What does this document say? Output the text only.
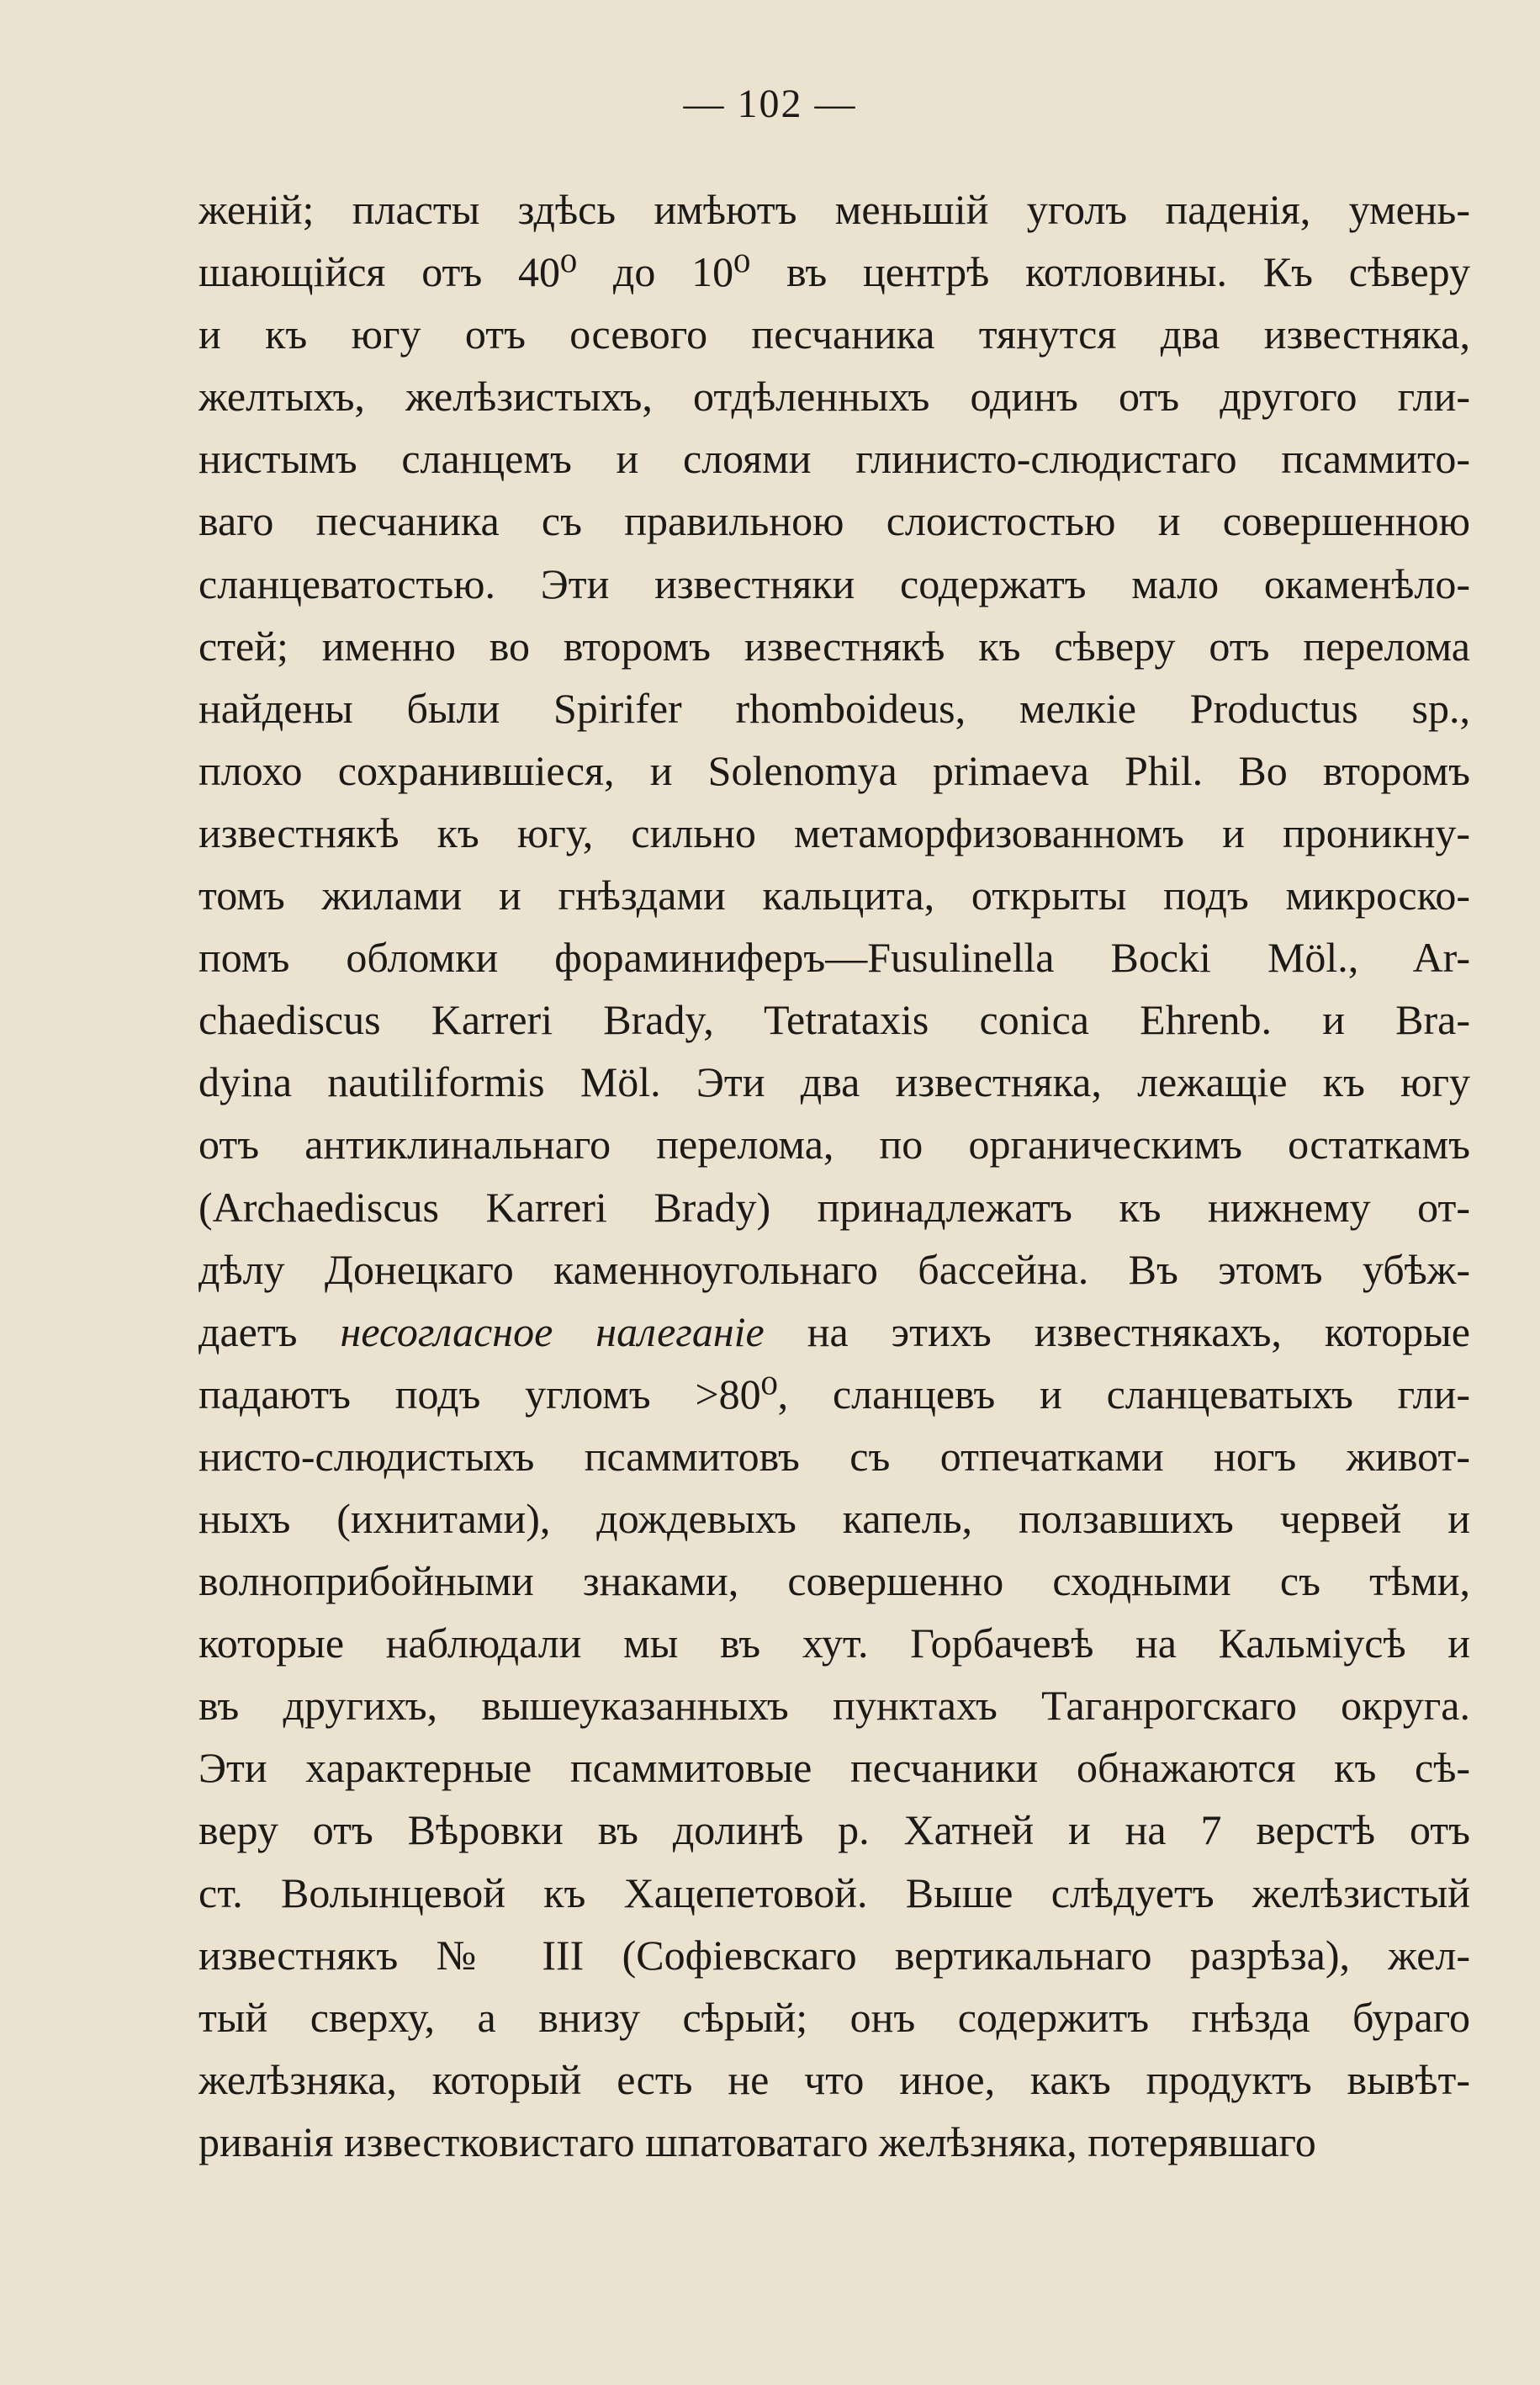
— 102 —
женій; пласты здѣсь имѣютъ меньшій уголъ паденія, умень-
шающійся отъ 40⁰ до 10⁰ въ центрѣ котловины. Къ сѣверу
и къ югу отъ осевого песчаника тянутся два известняка,
желтыхъ, желѣзистыхъ, отдѣленныхъ одинъ отъ другого гли-
нистымъ сланцемъ и слоями глинисто-слюдистаго псаммито-
ваго песчаника съ правильною слоистостью и совершенною
сланцеватостью. Эти известняки содержатъ мало окаменѣло-
стей; именно во второмъ известнякѣ къ сѣверу отъ перелома
найдены были Spirifer rhomboideus, мелкіе Productus sp.,
плохо сохранившіеся, и Solenomya primaeva Phil. Во второмъ
известнякѣ къ югу, сильно метаморфизованномъ и проникну-
томъ жилами и гнѣздами кальцита, открыты подъ микроско-
помъ обломки фораминиферъ—Fusulinella Bocki Möl., Ar-
chaediscus Karreri Brady, Tetrataxis conica Ehrenb. и Bra-
dyina nautiliformis Möl. Эти два известняка, лежащіе къ югу
отъ антиклинальнаго перелома, по органическимъ остаткамъ
(Archaediscus Karreri Brady) принадлежатъ къ нижнему от-
дѣлу Донецкаго каменноугольнаго бассейна. Въ этомъ убѣж-
даетъ несогласное налеганіе на этихъ известнякахъ, которые
падаютъ подъ угломъ >80⁰, сланцевъ и сланцеватыхъ гли-
нисто-слюдистыхъ псаммитовъ съ отпечатками ногъ живот-
ныхъ (ихнитами), дождевыхъ капель, ползавшихъ червей и
волноприбойными знаками, совершенно сходными съ тѣми,
которые наблюдали мы въ хут. Горбачевѣ на Кальміусѣ и
въ другихъ, вышеуказанныхъ пунктахъ Таганрогскаго округа.
Эти характерные псаммитовые песчаники обнажаются къ сѣ-
веру отъ Вѣровки въ долинѣ р. Хатней и на 7 верстѣ отъ
ст. Волынцевой къ Хацепетовой. Выше слѣдуетъ желѣзистый
известнякъ № III (Софіевскаго вертикальнаго разрѣза), жел-
тый сверху, а внизу сѣрый; онъ содержитъ гнѣзда бураго
желѣзняка, который есть не что иное, какъ продуктъ вывѣт-
риванія известковистаго шпатоватаго желѣзняка, потерявшаго
